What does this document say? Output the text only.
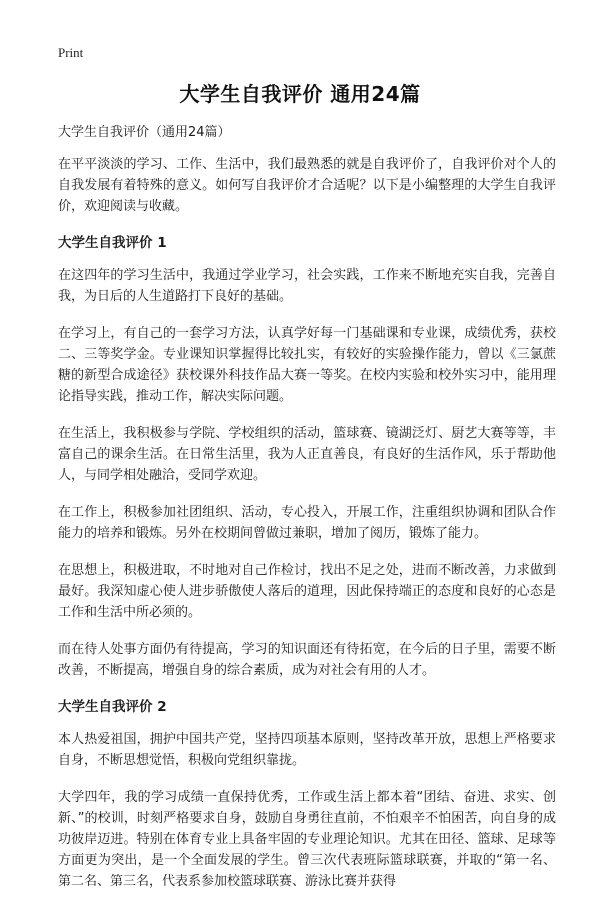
Print
大学生自我评价 通用24篇

大学生自我评价（通用24篇）

在平平淡淡的学习、工作、生活中，我们最熟悉的就是自我评价了，自我评价对个人的自我发展有着特殊的意义。如何写自我评价才合适呢？以下是小编整理的大学生自我评价，欢迎阅读与收藏。

大学生自我评价 1

在这四年的学习生活中，我通过学业学习，社会实践，工作来不断地充实自我，完善自我，为日后的人生道路打下良好的基础。

在学习上，有自己的一套学习方法，认真学好每一门基础课和专业课，成绩优秀，获校二、三等奖学金。专业课知识掌握得比较扎实，有较好的实验操作能力，曾以《三氯蔗糖的新型合成途径》获校课外科技作品大赛一等奖。在校内实验和校外实习中，能用理论指导实践，推动工作，解决实际问题。

在生活上，我积极参与学院、学校组织的活动，篮球赛、镜湖泛灯、厨艺大赛等等，丰富自己的课余生活。在日常生活里，我为人正直善良，有良好的生活作风，乐于帮助他人，与同学相处融洽，受同学欢迎。

在工作上，积极参加社团组织、活动，专心投入，开展工作，注重组织协调和团队合作能力的培养和锻炼。另外在校期间曾做过兼职，增加了阅历，锻炼了能力。

在思想上，积极进取，不时地对自己作检讨，找出不足之处，进而不断改善，力求做到最好。我深知虚心使人进步骄傲使人落后的道理，因此保持端正的态度和良好的心态是工作和生活中所必须的。

而在待人处事方面仍有待提高，学习的知识面还有待拓宽，在今后的日子里，需要不断改善，不断提高，增强自身的综合素质，成为对社会有用的人才。

大学生自我评价 2

本人热爱祖国，拥护中国共产党，坚持四项基本原则，坚持改革开放，思想上严格要求自身，不断思想觉悟，积极向党组织靠拢。

大学四年，我的学习成绩一直保持优秀，工作或生活上都本着“团结、奋进、求实、创新、”的校训，时刻严格要求自身，鼓励自身勇往直前，不怕艰辛不怕困苦，向自身的成功彼岸迈进。特别在体育专业上具备牢固的专业理论知识。尤其在田径、篮球、足球等方面更为突出，是一个全面发展的学生。曾三次代表班际篮球联赛，并取的“第一名、第二名、第三名，代表系参加校篮球联赛、游泳比赛并获得
